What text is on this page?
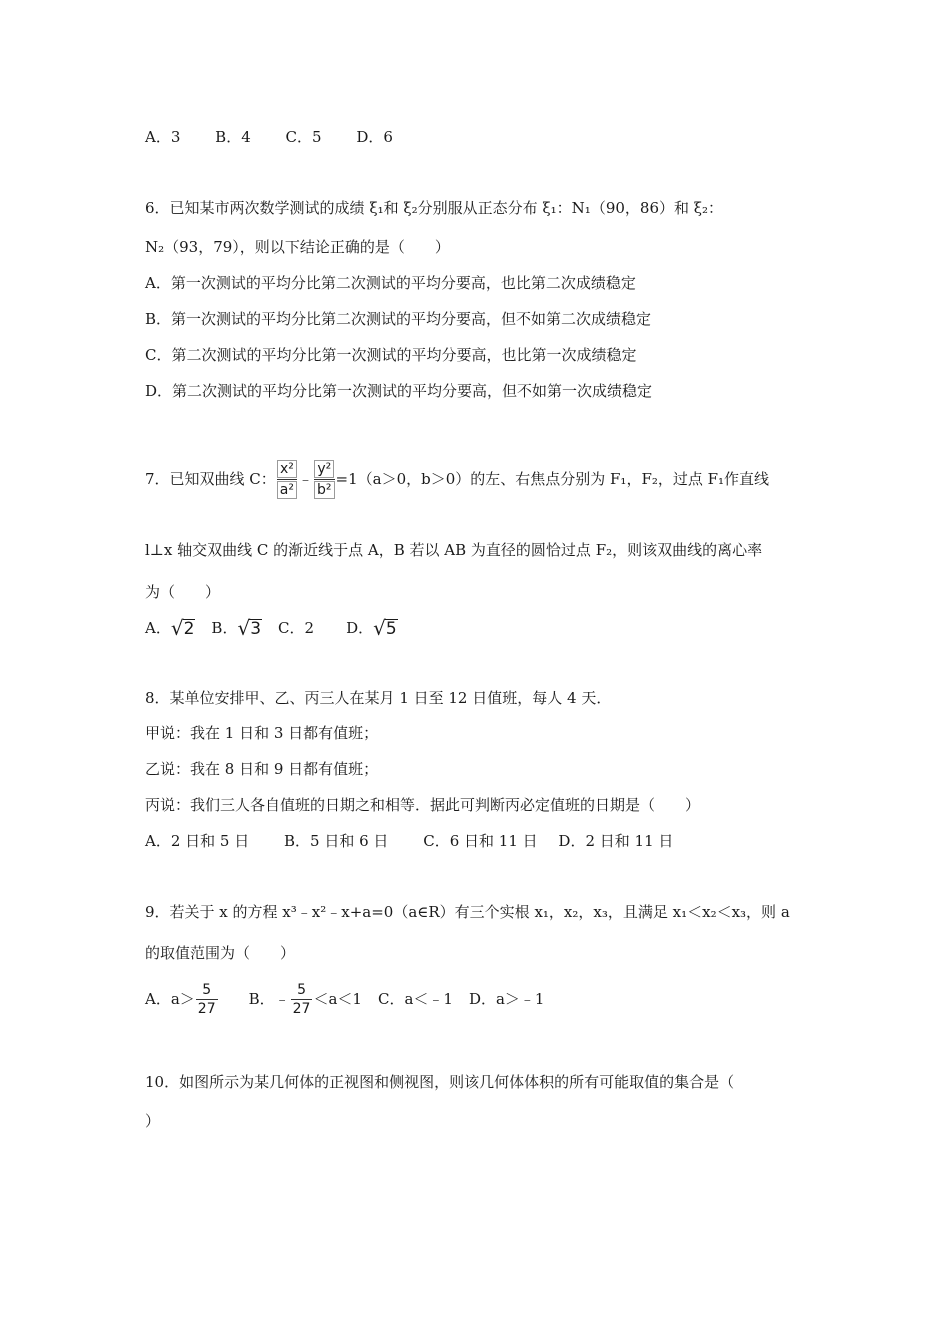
A．3 B．4 C．5 D．6
6．已知某市两次数学测试的成绩 ξ₁和 ξ₂分别服从正态分布 ξ₁：N₁（90，86）和 ξ₂：
N₂（93，79），则以下结论正确的是（　　）
A．第一次测试的平均分比第二次测试的平均分要高，也比第二次成绩稳定
B．第一次测试的平均分比第二次测试的平均分要高，但不如第二次成绩稳定
C．第二次测试的平均分比第一次测试的平均分要高，也比第一次成绩稳定
D．第二次测试的平均分比第一次测试的平均分要高，但不如第一次成绩稳定
7．已知双曲线 C： $\frac{\text{x²}}{\text{a²}}$ ﹣ $\frac{\text{y²}}{\text{b²}} =1(a>0$，b＞0）的左、右焦点分别为 F₁，F₂，过点 F₁作直线
l⊥x 轴交双曲线 C 的渐近线于点 A，B 若以 AB 为直径的圆恰过点 F₂，则该双曲线的离心率
为（　　）
A． √ 2 B． √ 3 C．2 D． √ 5
8．某单位安排甲、乙、丙三人在某月 1 日至 12 日值班，每人 4 天．
甲说：我在 1 日和 3 日都有值班；
乙说：我在 8 日和 9 日都有值班；
丙说：我们三人各自值班的日期之和相等．据此可判断丙必定值班的日期是（　　）
A．2 日和 5 日 B．5 日和 6 日 C．6 日和 11 日 D．2 日和 11 日
9．若关于 x 的方程 x³﹣x²﹣x+a=0（a∈R）有三个实根 x₁，x₂，x₃，且满足 x₁＜x₂＜x₃，则 a
的取值范围为（　　）
A．$a> \frac{5}{27}$ B．﹣ $\frac{5}{27} <a<1$ C．a＜﹣1 D．a＞﹣1
10．如图所示为某几何体的正视图和侧视图，则该几何体体积的所有可能取值的集合是（
）
